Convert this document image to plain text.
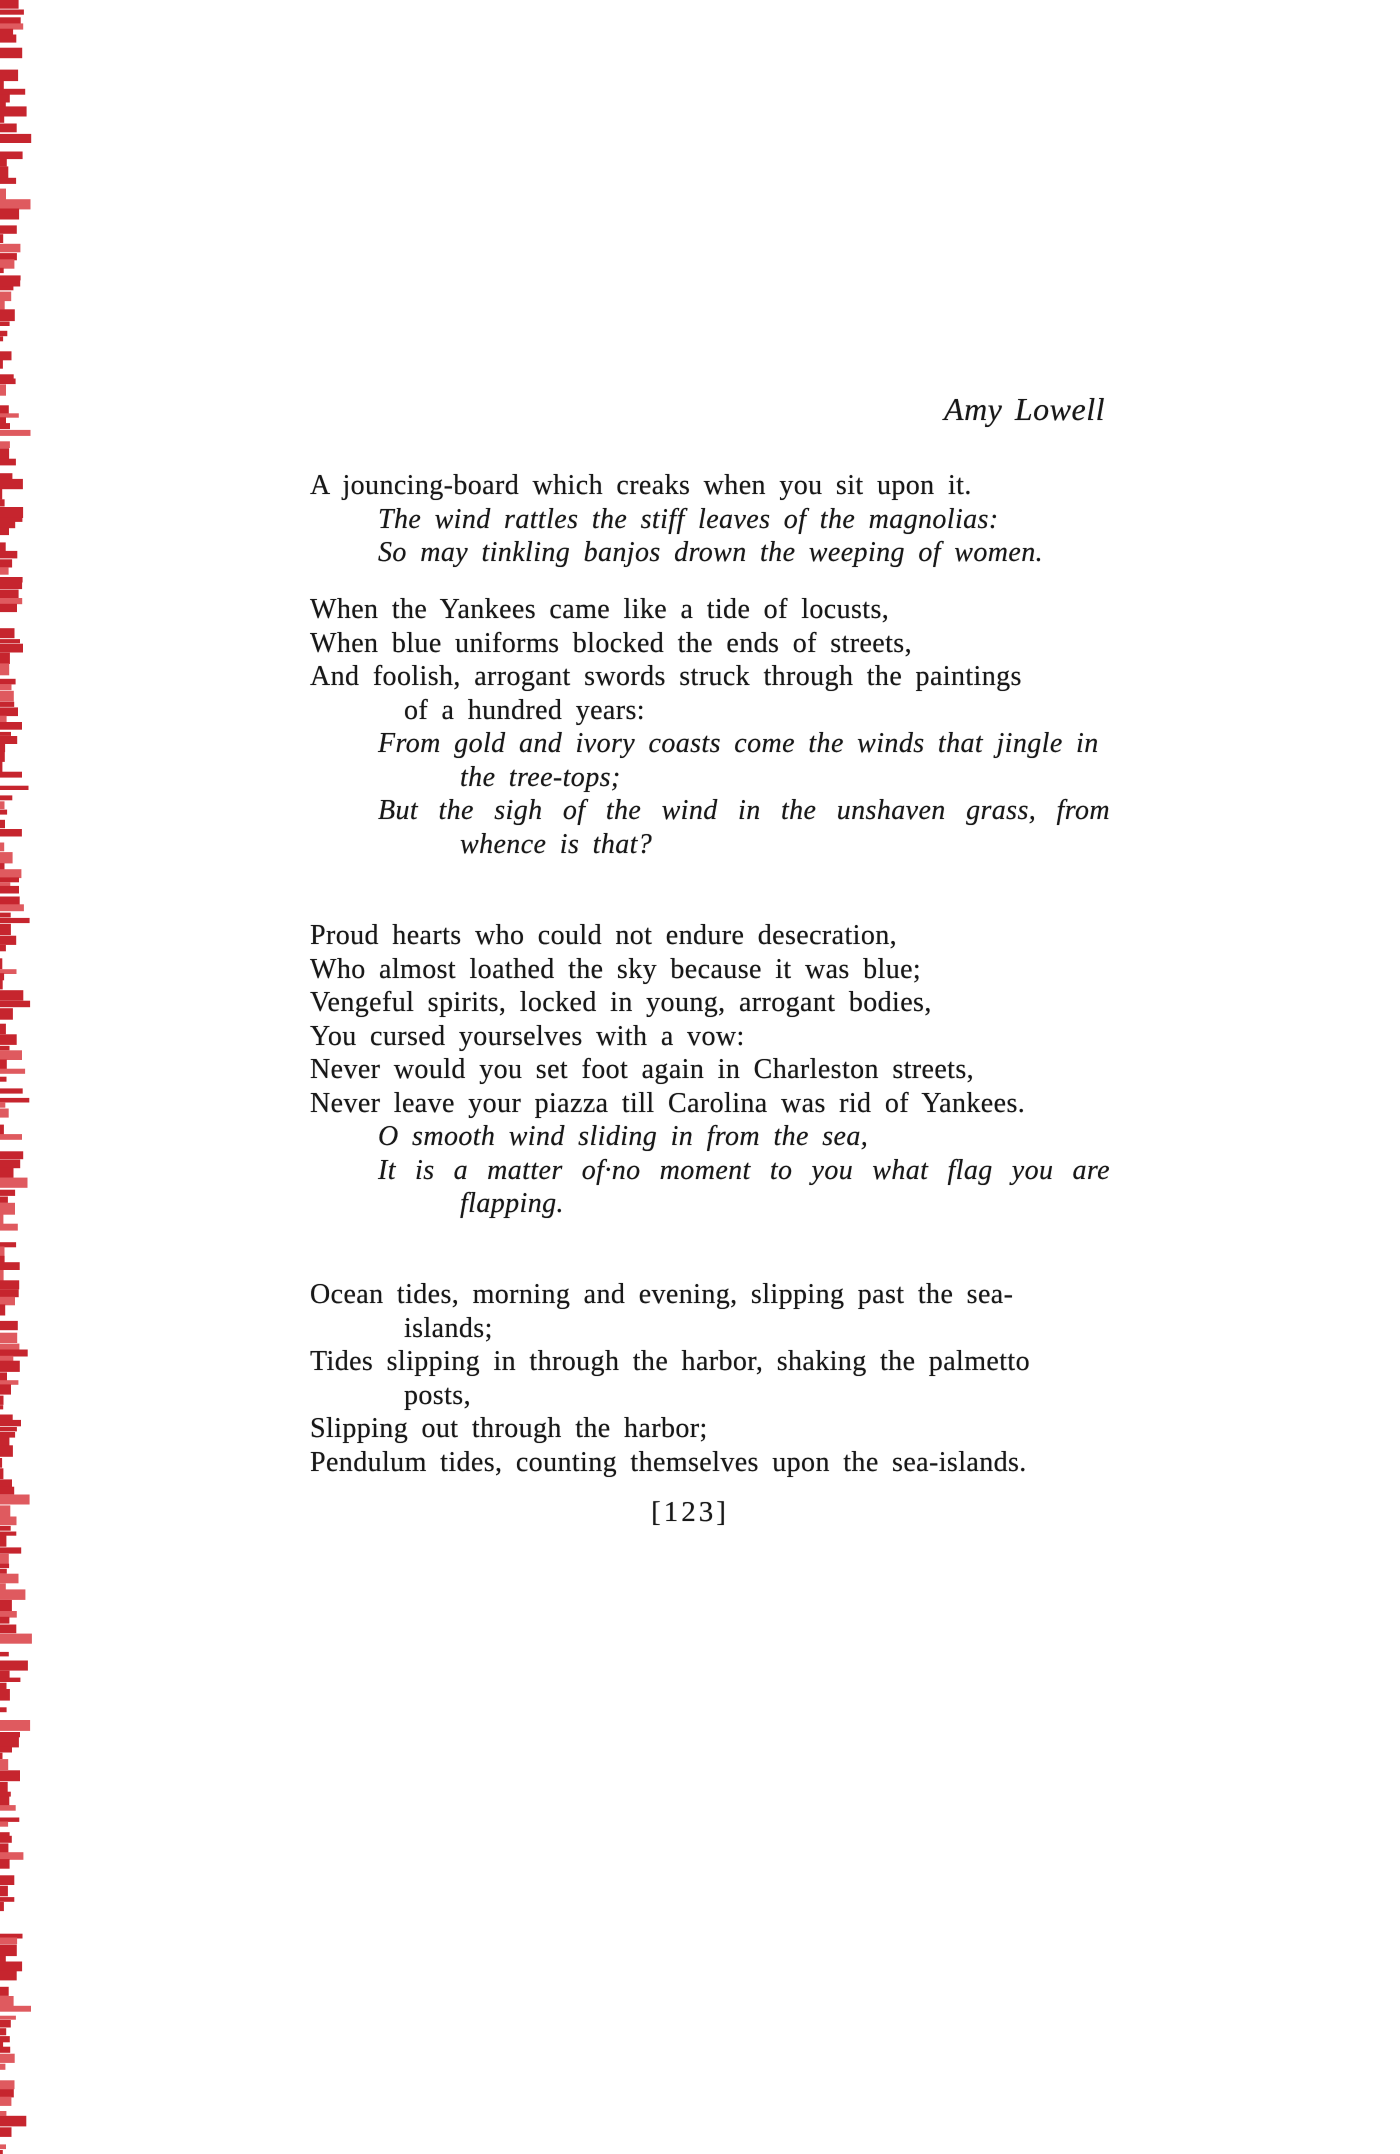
Amy Lowell
A jouncing-board which creaks when you sit upon it.
The wind rattles the stiff leaves of the magnolias:
So may tinkling banjos drown the weeping of women.
When the Yankees came like a tide of locusts,
When blue uniforms blocked the ends of streets,
And foolish, arrogant swords struck through the paintings
of a hundred years:
From gold and ivory coasts come the winds that jingle in
the tree-tops;
But the sigh of the wind in the unshaven grass, from
whence is that?
Proud hearts who could not endure desecration,
Who almost loathed the sky because it was blue;
Vengeful spirits, locked in young, arrogant bodies,
You cursed yourselves with a vow:
Never would you set foot again in Charleston streets,
Never leave your piazza till Carolina was rid of Yankees.
O smooth wind sliding in from the sea,
It is a matter of·no moment to you what flag you are
flapping.
Ocean tides, morning and evening, slipping past the sea-
islands;
Tides slipping in through the harbor, shaking the palmetto
posts,
Slipping out through the harbor;
Pendulum tides, counting themselves upon the sea-islands.
[123]
